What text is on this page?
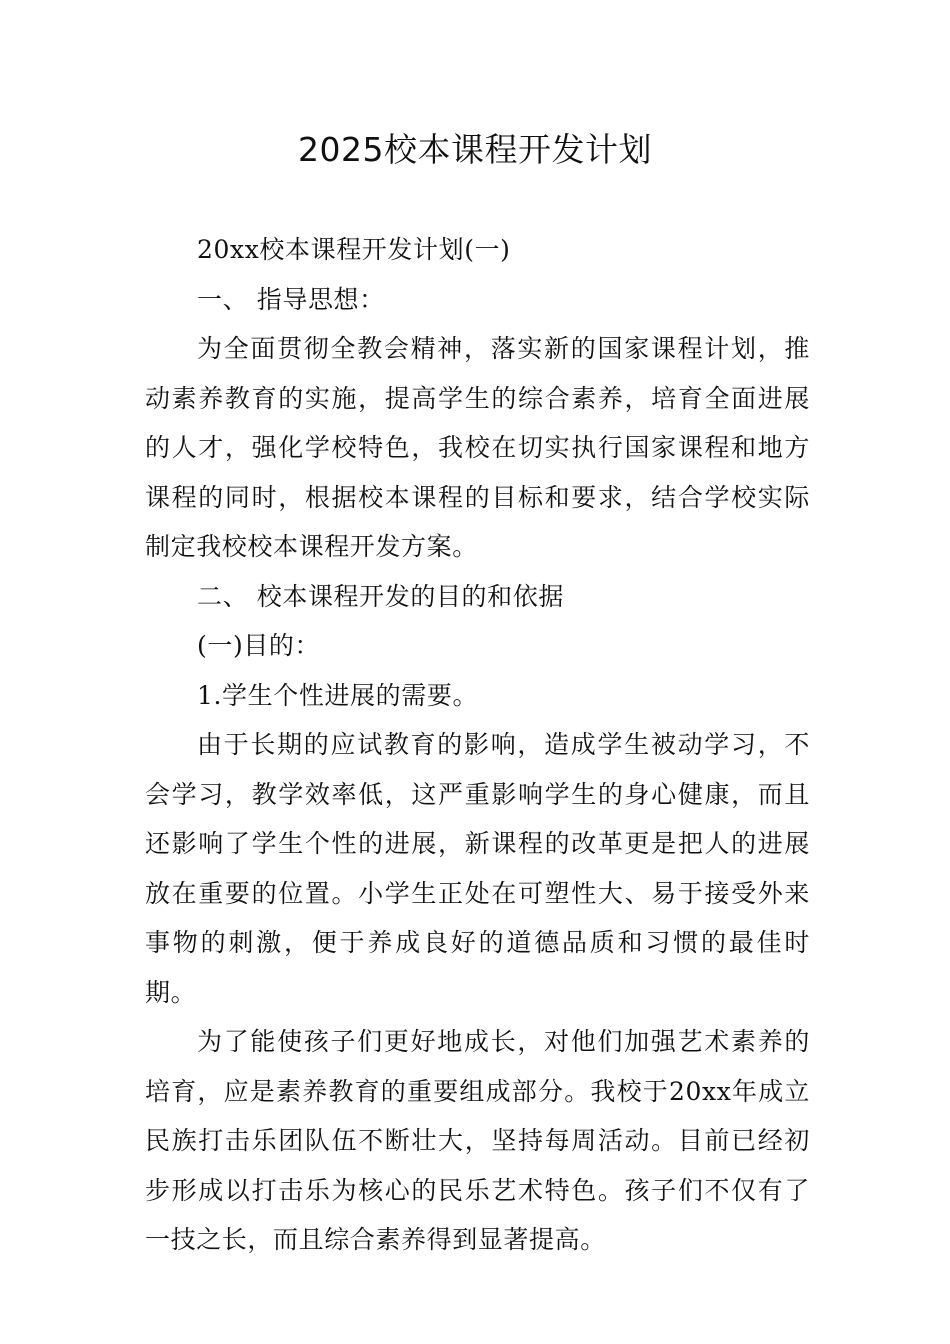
2025校本课程开发计划

20xx校本课程开发计划(一)

一、 指导思想：

为全面贯彻全教会精神，落实新的国家课程计划，推动素养教育的实施，提高学生的综合素养，培育全面进展的人才，强化学校特色，我校在切实执行国家课程和地方课程的同时，根据校本课程的目标和要求，结合学校实际制定我校校本课程开发方案。

二、 校本课程开发的目的和依据

(一)目的：

1.学生个性进展的需要。

由于长期的应试教育的影响，造成学生被动学习，不会学习，教学效率低，这严重影响学生的身心健康，而且还影响了学生个性的进展，新课程的改革更是把人的进展放在重要的位置。小学生正处在可塑性大、易于接受外来事物的刺激，便于养成良好的道德品质和习惯的最佳时期。

为了能使孩子们更好地成长，对他们加强艺术素养的培育，应是素养教育的重要组成部分。我校于20xx年成立民族打击乐团队伍不断壮大，坚持每周活动。目前已经初步形成以打击乐为核心的民乐艺术特色。孩子们不仅有了一技之长，而且综合素养得到显著提高。
